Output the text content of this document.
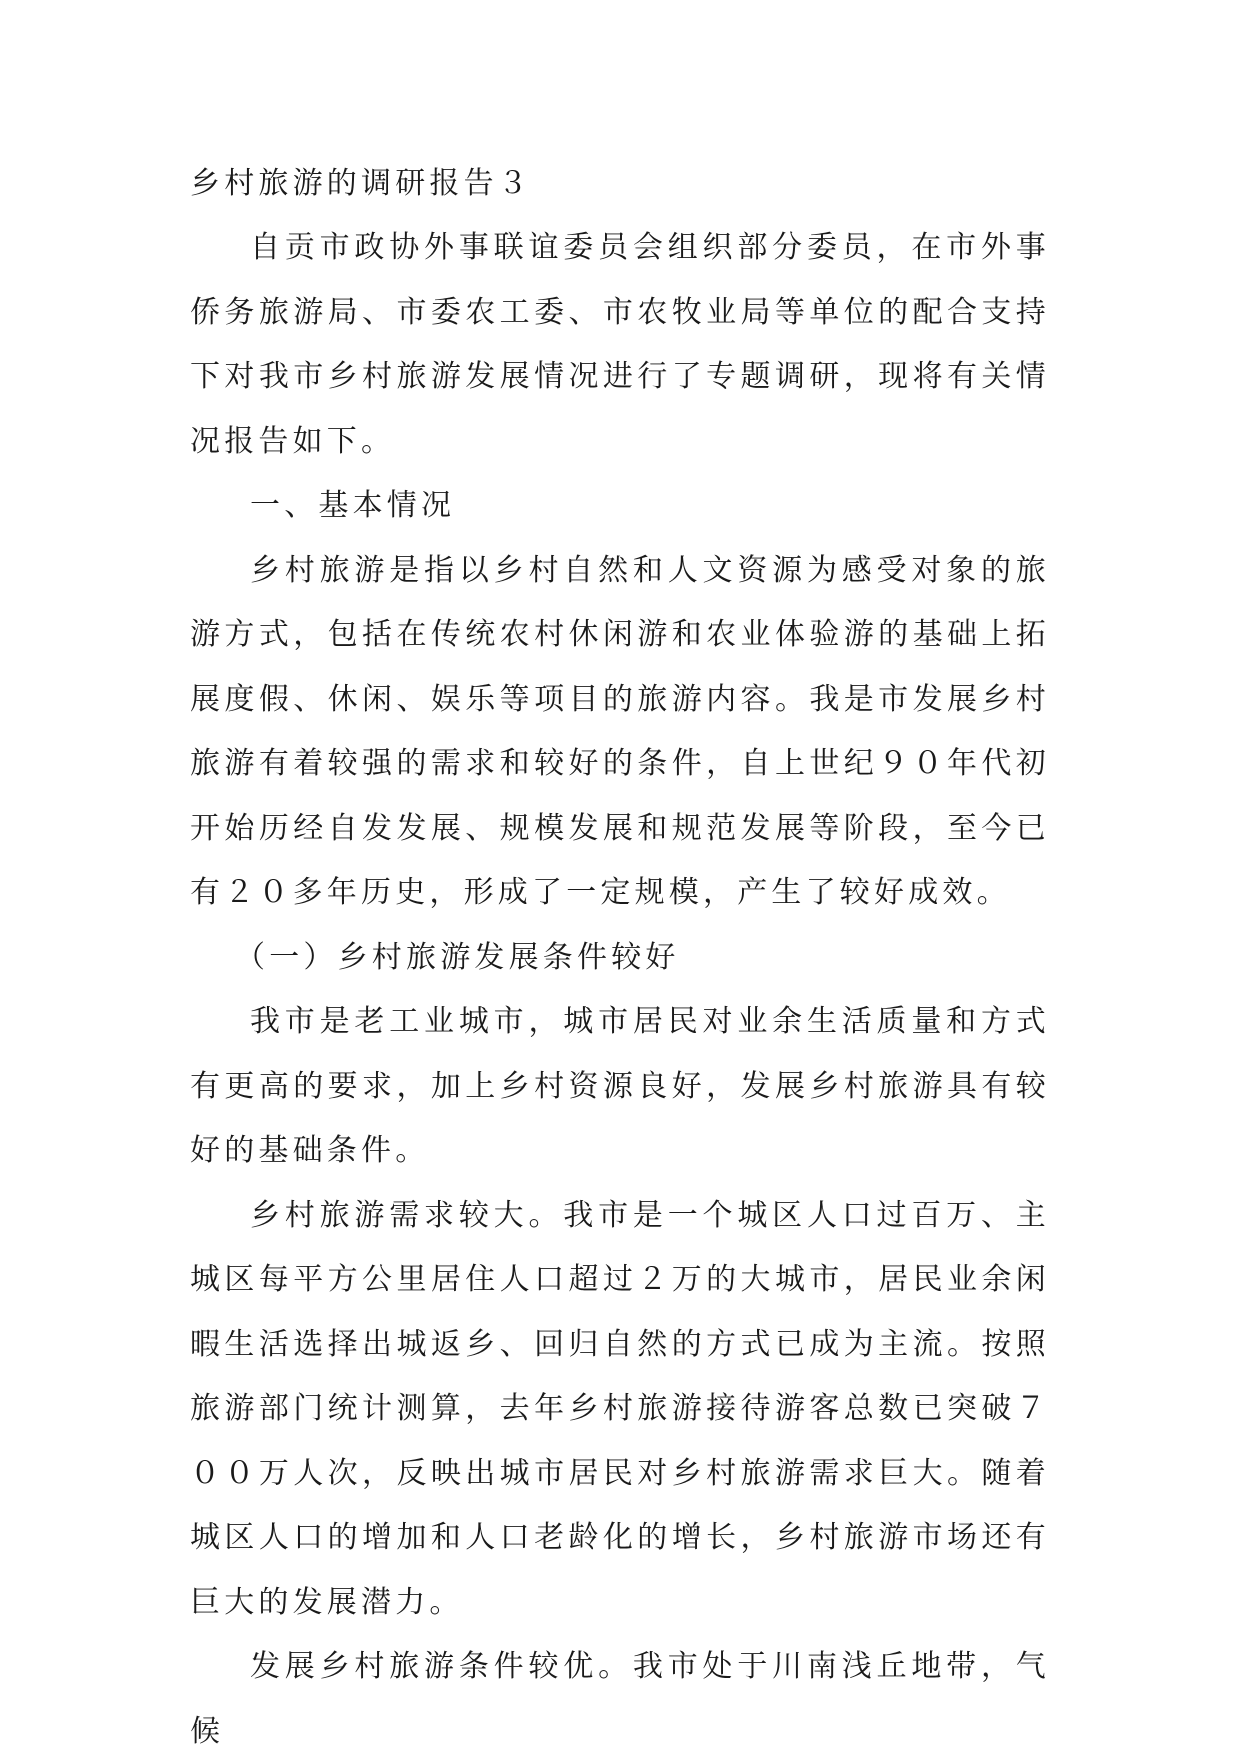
乡村旅游的调研报告３

自贡市政协外事联谊委员会组织部分委员，在市外事侨务旅游局、市委农工委、市农牧业局等单位的配合支持下对我市乡村旅游发展情况进行了专题调研，现将有关情况报告如下。

一、基本情况

乡村旅游是指以乡村自然和人文资源为感受对象的旅游方式，包括在传统农村休闲游和农业体验游的基础上拓展度假、休闲、娱乐等项目的旅游内容。我是市发展乡村旅游有着较强的需求和较好的条件，自上世纪９０年代初开始历经自发发展、规模发展和规范发展等阶段，至今已有２０多年历史，形成了一定规模，产生了较好成效。

（一）乡村旅游发展条件较好

我市是老工业城市，城市居民对业余生活质量和方式有更高的要求，加上乡村资源良好，发展乡村旅游具有较好的基础条件。

乡村旅游需求较大。我市是一个城区人口过百万、主城区每平方公里居住人口超过２万的大城市，居民业余闲暇生活选择出城返乡、回归自然的方式已成为主流。按照旅游部门统计测算，去年乡村旅游接待游客总数已突破７００万人次，反映出城市居民对乡村旅游需求巨大。随着城区人口的增加和人口老龄化的增长，乡村旅游市场还有巨大的发展潜力。

发展乡村旅游条件较优。我市处于川南浅丘地带，气候
